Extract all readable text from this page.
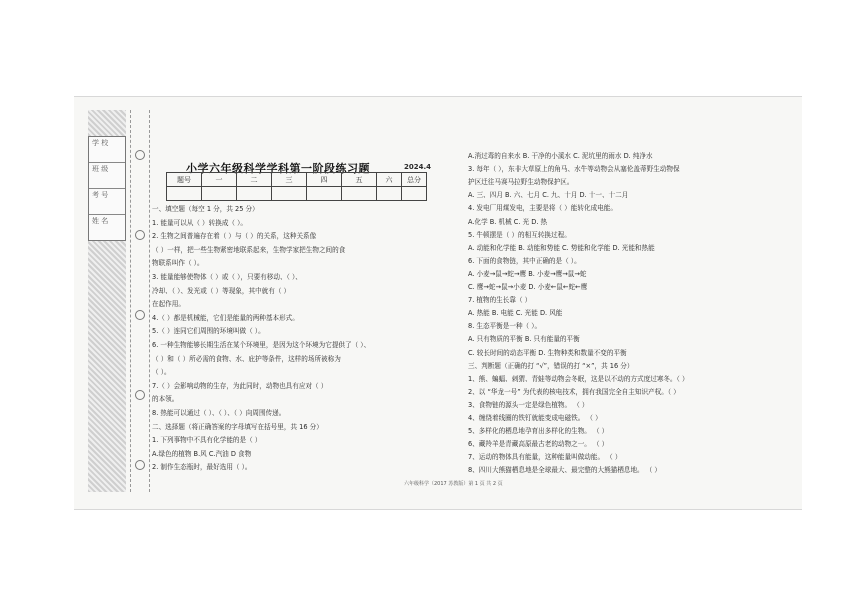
学 校
班 级
考 号
姓 名
小学六年级科学学科第一阶段练习题	2024.4
题号	一	二	三	四	五	六	总分

一、填空题（每空 1 分，共 25 分）
1. 能量可以从（ ）转换成（ ）。
2. 生物之间普遍存在着（ ）与（ ）的关系，这种关系像
（ ）一样，把一些生物紧密地联系起来，生物学家把生物之间的食
物联系叫作（ ）。
3. 能量能够使物体（ ）或（ ），只要有移动、（ ）、
冷却、（ ）、发光或（ ）等现象，其中就有（ ）
在起作用。
4.（ ）都是机械能，它们是能量的两种基本形式。
5.（ ）连同它们周围的环境叫做（ ）。
6. 一种生物能够长期生活在某个环境里，是因为这个环境为它提供了（ ）、
（ ）和（ ）所必需的食物、水、庇护等条件，这样的场所被称为
（ ）。
7.（ ）会影响动物的生存，为此同时，动物也具有应对（ ）
的本领。
8. 热能可以通过（ ）、（ ）、（ ）向周围传递。
二、选择题（将正确答案的字母填写在括号里，共 16 分）
1. 下列事物中不具有化学能的是（ ）
A.绿色的植物 B.风 C.汽油 D 食物
2. 制作生态瓶时，最好选用（ ）。
A.消过毒的自来水 B. 干净的小溪水 C. 泥坑里的雨水 D. 纯净水
3. 每年（ ），东非大草原上的角马、水牛等动物会从塞伦盖蒂野生动物保
护区迁往马赛马拉野生动物保护区。
A. 三、四月 B. 六、七月 C. 九、十月 D. 十一、十二月
4. 发电厂用煤发电，主要是将（ ）能转化成电能。
A.化学 B. 机械 C. 光 D. 热
5. 牛顿摆是（ ）的相互转换过程。
A. 动能和化学能 B. 动能和势能 C. 势能和化学能 D. 光能和热能
6. 下面的食物链，其中正确的是（ ）。
A. 小麦→鼠→蛇→鹰 B. 小麦→鹰→鼠→蛇
C. 鹰→蛇→鼠→小麦 D. 小麦←鼠←蛇←鹰
7. 植物的生长靠（ ）
A. 热能 B. 电能 C. 光能 D. 风能
8. 生态平衡是一种（ ）。
A. 只有物质的平衡 B. 只有能量的平衡
C. 较长时间的动态平衡 D. 生物种类和数量不变的平衡
三、判断题（正确的打 “√”，错误的打 “×”，共 16 分）
1、熊、蝙蝠、刺猬、青蛙等动物会冬眠，这是以不动的方式度过寒冬。（ ）
2、以 “华龙一号” 为代表的核电技术，拥有我国完全自主知识产权。（ ）
3、食物链的源头一定是绿色植物。 （ ）
4、缠绕着线圈的铁钉就能变成电磁铁。 （ ）
5、多样化的栖息地孕育出多样化的生物。 （ ）
6、藏羚羊是青藏高原最古老的动物之一。 （ ）
7、运动的物体具有能量，这种能量叫做动能。 （ ）
8、四川大熊猫栖息地是全球最大、最完整的大熊猫栖息地。 （ ）
六年级科学（2017 苏教版）第 1 页 共 2 页
